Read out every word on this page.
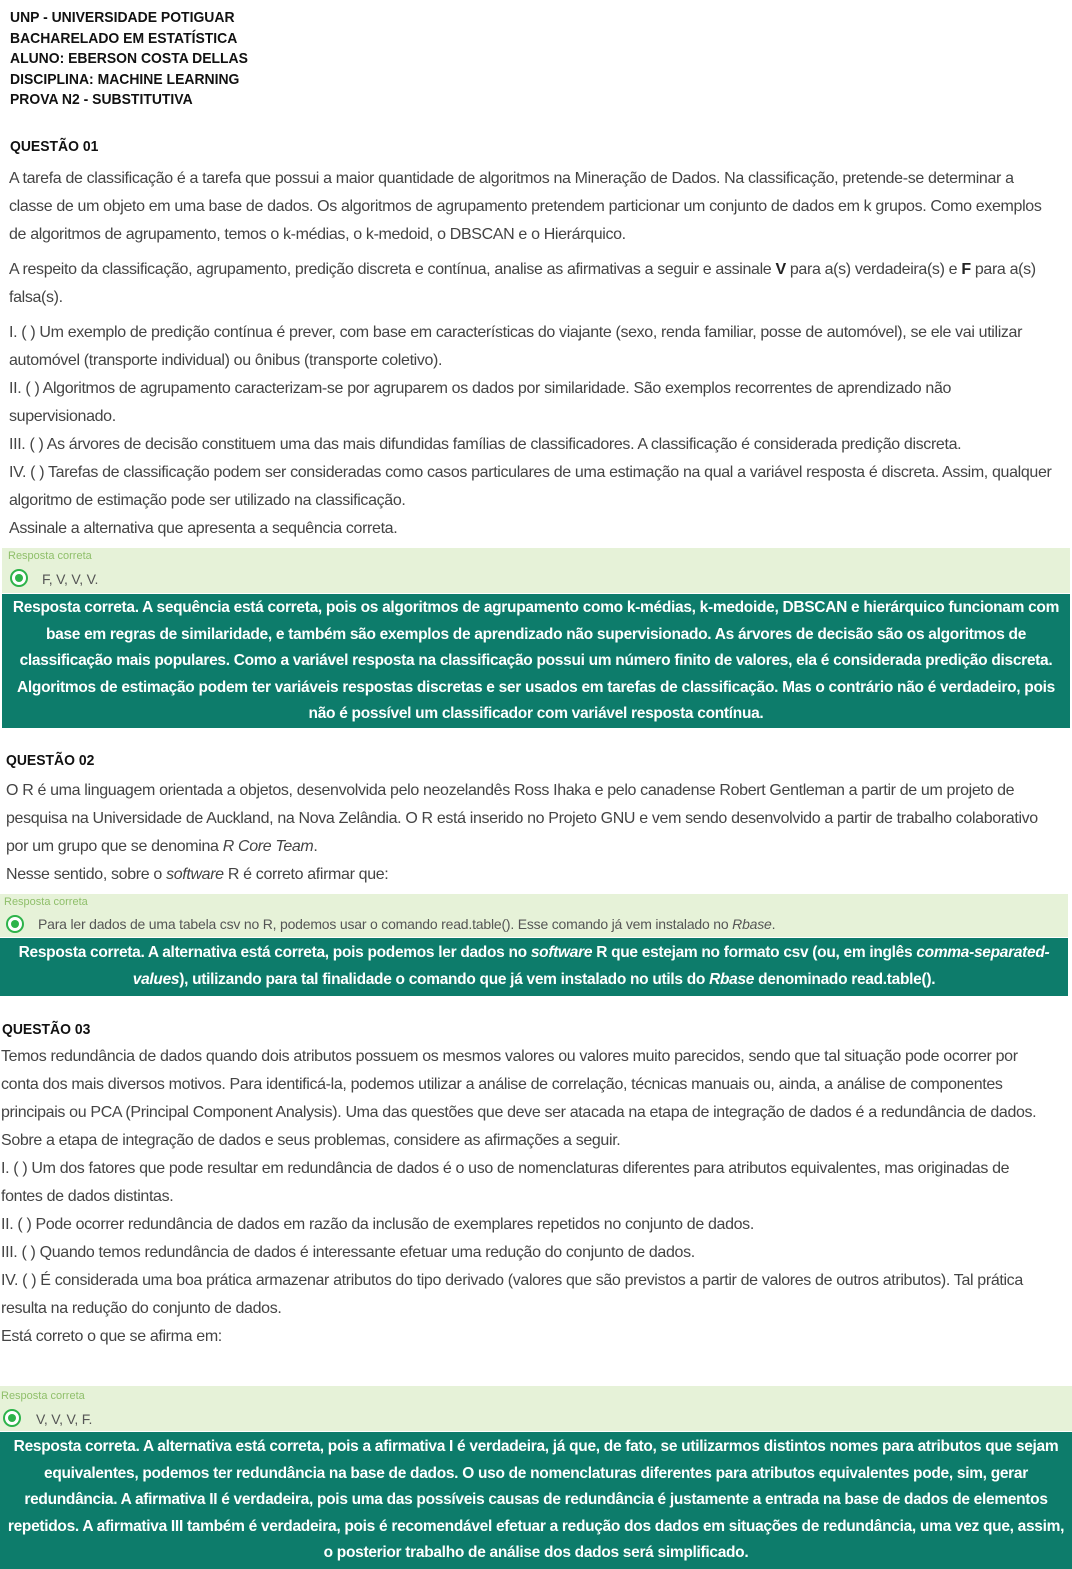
UNP - UNIVERSIDADE POTIGUAR
BACHARELADO EM ESTATÍSTICA
ALUNO: EBERSON COSTA DELLAS
DISCIPLINA: MACHINE LEARNING
PROVA N2 - SUBSTITUTIVA
QUESTÃO 01

A tarefa de classificação é a tarefa que possui a maior quantidade de algoritmos na Mineração de Dados. Na classificação, pretende-se determinar a classe de um objeto em uma base de dados. Os algoritmos de agrupamento pretendem particionar um conjunto de dados em k grupos. Como exemplos de algoritmos de agrupamento, temos o k-médias, o k-medoid, o DBSCAN e o Hierárquico.

A respeito da classificação, agrupamento, predição discreta e contínua, analise as afirmativas a seguir e assinale V para a(s) verdadeira(s) e F para a(s) falsa(s).

I. ( ) Um exemplo de predição contínua é prever, com base em características do viajante (sexo, renda familiar, posse de automóvel), se ele vai utilizar automóvel (transporte individual) ou ônibus (transporte coletivo).

II. ( ) Algoritmos de agrupamento caracterizam-se por agruparem os dados por similaridade. São exemplos recorrentes de aprendizado não supervisionado.

III. ( ) As árvores de decisão constituem uma das mais difundidas famílias de classificadores. A classificação é considerada predição discreta.

IV. ( ) Tarefas de classificação podem ser consideradas como casos particulares de uma estimação na qual a variável resposta é discreta. Assim, qualquer algoritmo de estimação pode ser utilizado na classificação.

Assinale a alternativa que apresenta a sequência correta.

Resposta correta
F, V, V, V.

Resposta correta. A sequência está correta, pois os algoritmos de agrupamento como k-médias, k-medoide, DBSCAN e hierárquico funcionam com base em regras de similaridade, e também são exemplos de aprendizado não supervisionado. As árvores de decisão são os algoritmos de classificação mais populares. Como a variável resposta na classificação possui um número finito de valores, ela é considerada predição discreta. Algoritmos de estimação podem ter variáveis respostas discretas e ser usados em tarefas de classificação. Mas o contrário não é verdadeiro, pois não é possível um classificador com variável resposta contínua.

QUESTÃO 02

O R é uma linguagem orientada a objetos, desenvolvida pelo neozelandês Ross Ihaka e pelo canadense Robert Gentleman a partir de um projeto de pesquisa na Universidade de Auckland, na Nova Zelândia. O R está inserido no Projeto GNU e vem sendo desenvolvido a partir de trabalho colaborativo por um grupo que se denomina R Core Team.

Nesse sentido, sobre o software R é correto afirmar que:

Resposta correta
Para ler dados de uma tabela csv no R, podemos usar o comando read.table(). Esse comando já vem instalado no Rbase.

Resposta correta. A alternativa está correta, pois podemos ler dados no software R que estejam no formato csv (ou, em inglês comma-separated-values), utilizando para tal finalidade o comando que já vem instalado no utils do Rbase denominado read.table().

QUESTÃO 03

Temos redundância de dados quando dois atributos possuem os mesmos valores ou valores muito parecidos, sendo que tal situação pode ocorrer por conta dos mais diversos motivos. Para identificá-la, podemos utilizar a análise de correlação, técnicas manuais ou, ainda, a análise de componentes principais ou PCA (Principal Component Analysis). Uma das questões que deve ser atacada na etapa de integração de dados é a redundância de dados.

Sobre a etapa de integração de dados e seus problemas, considere as afirmações a seguir.

I. ( ) Um dos fatores que pode resultar em redundância de dados é o uso de nomenclaturas diferentes para atributos equivalentes, mas originadas de fontes de dados distintas.

II. ( ) Pode ocorrer redundância de dados em razão da inclusão de exemplares repetidos no conjunto de dados.

III. ( ) Quando temos redundância de dados é interessante efetuar uma redução do conjunto de dados.

IV. ( ) É considerada uma boa prática armazenar atributos do tipo derivado (valores que são previstos a partir de valores de outros atributos). Tal prática resulta na redução do conjunto de dados.

Está correto o que se afirma em:

Resposta correta
V, V, V, F.

Resposta correta. A alternativa está correta, pois a afirmativa I é verdadeira, já que, de fato, se utilizarmos distintos nomes para atributos que sejam equivalentes, podemos ter redundância na base de dados. O uso de nomenclaturas diferentes para atributos equivalentes pode, sim, gerar redundância. A afirmativa II é verdadeira, pois uma das possíveis causas de redundância é justamente a entrada na base de dados de elementos repetidos. A afirmativa III também é verdadeira, pois é recomendável efetuar a redução dos dados em situações de redundância, uma vez que, assim, o posterior trabalho de análise dos dados será simplificado.
